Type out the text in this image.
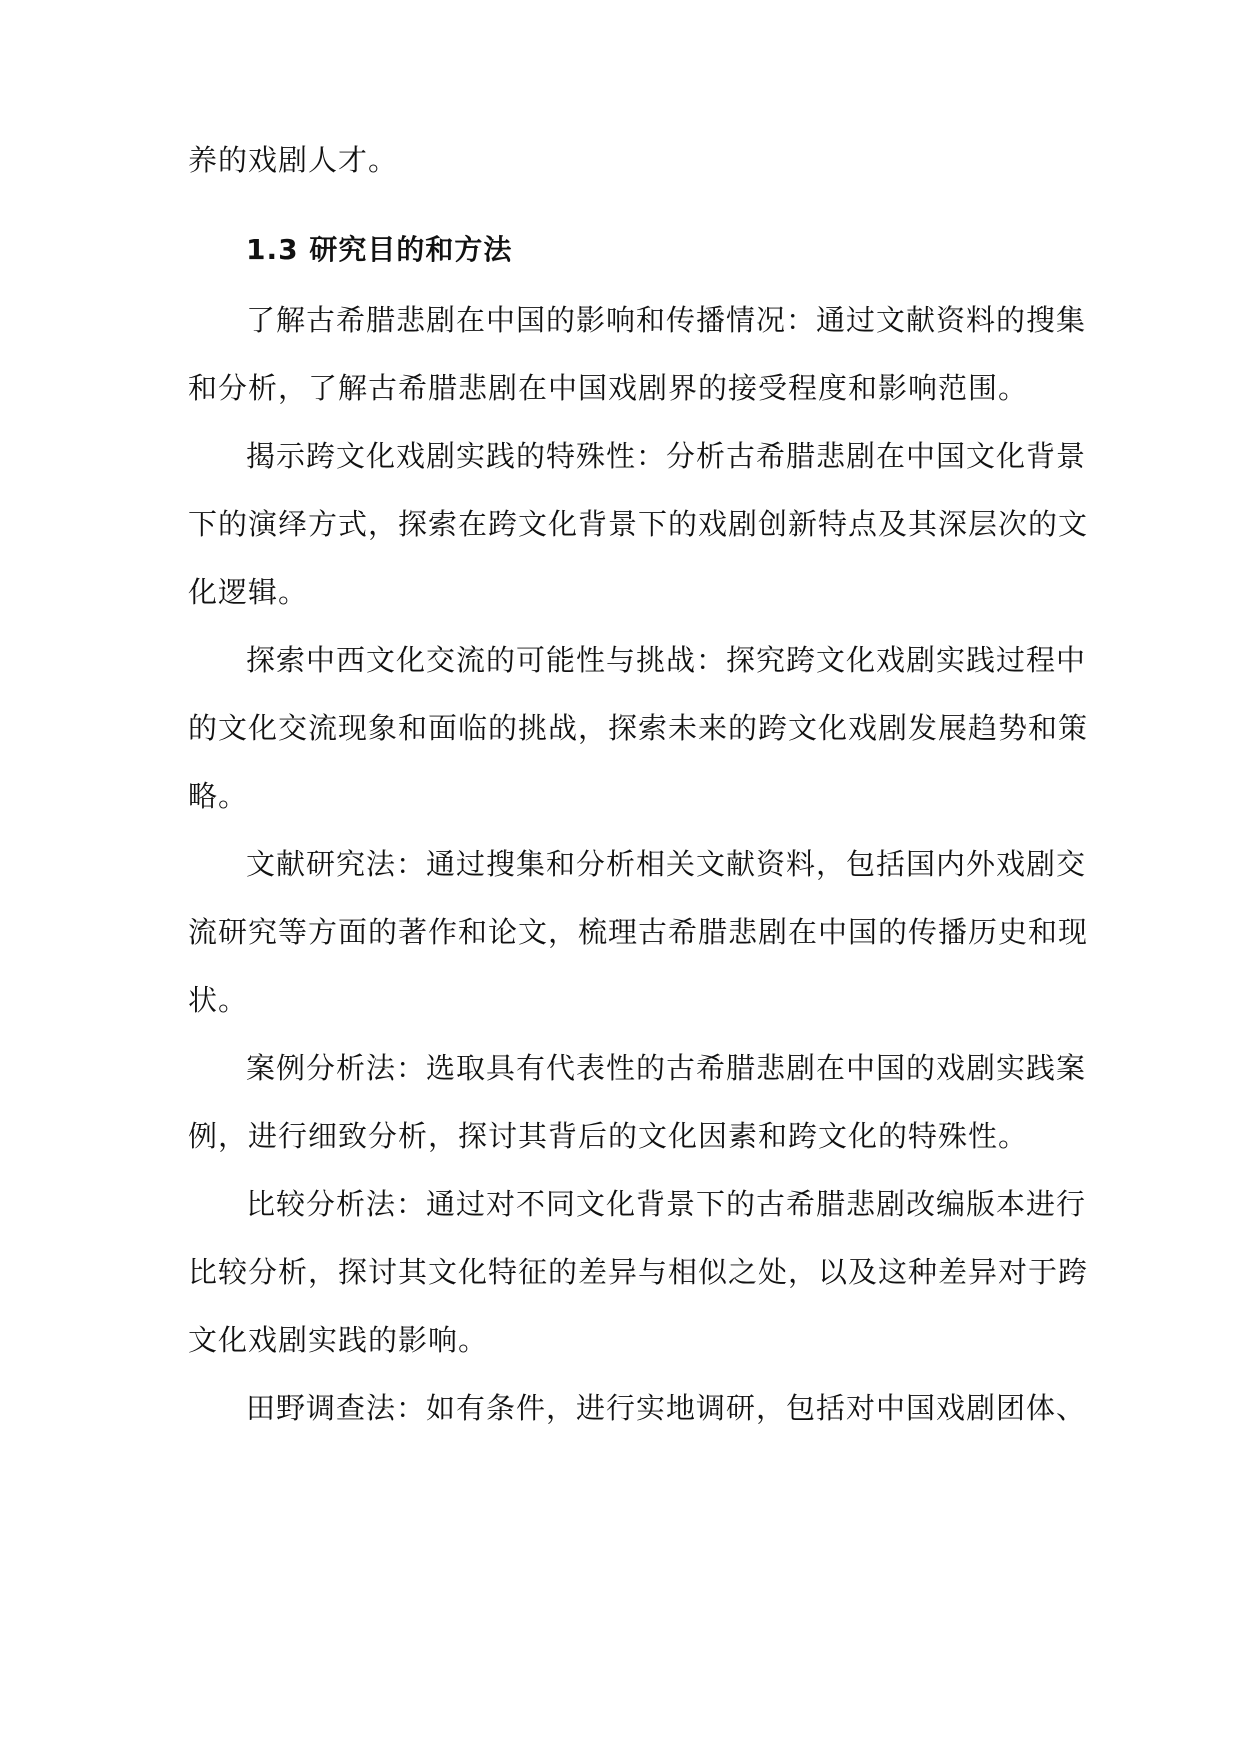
养的戏剧人才。
1.3 研究目的和方法
了解古希腊悲剧在中国的影响和传播情况：通过文献资料的搜集
和分析，了解古希腊悲剧在中国戏剧界的接受程度和影响范围。
揭示跨文化戏剧实践的特殊性：分析古希腊悲剧在中国文化背景
下的演绎方式，探索在跨文化背景下的戏剧创新特点及其深层次的文
化逻辑。
探索中西文化交流的可能性与挑战：探究跨文化戏剧实践过程中
的文化交流现象和面临的挑战，探索未来的跨文化戏剧发展趋势和策
略。
文献研究法：通过搜集和分析相关文献资料，包括国内外戏剧交
流研究等方面的著作和论文，梳理古希腊悲剧在中国的传播历史和现
状。
案例分析法：选取具有代表性的古希腊悲剧在中国的戏剧实践案
例，进行细致分析，探讨其背后的文化因素和跨文化的特殊性。
比较分析法：通过对不同文化背景下的古希腊悲剧改编版本进行
比较分析，探讨其文化特征的差异与相似之处，以及这种差异对于跨
文化戏剧实践的影响。
田野调查法：如有条件，进行实地调研，包括对中国戏剧团体、
